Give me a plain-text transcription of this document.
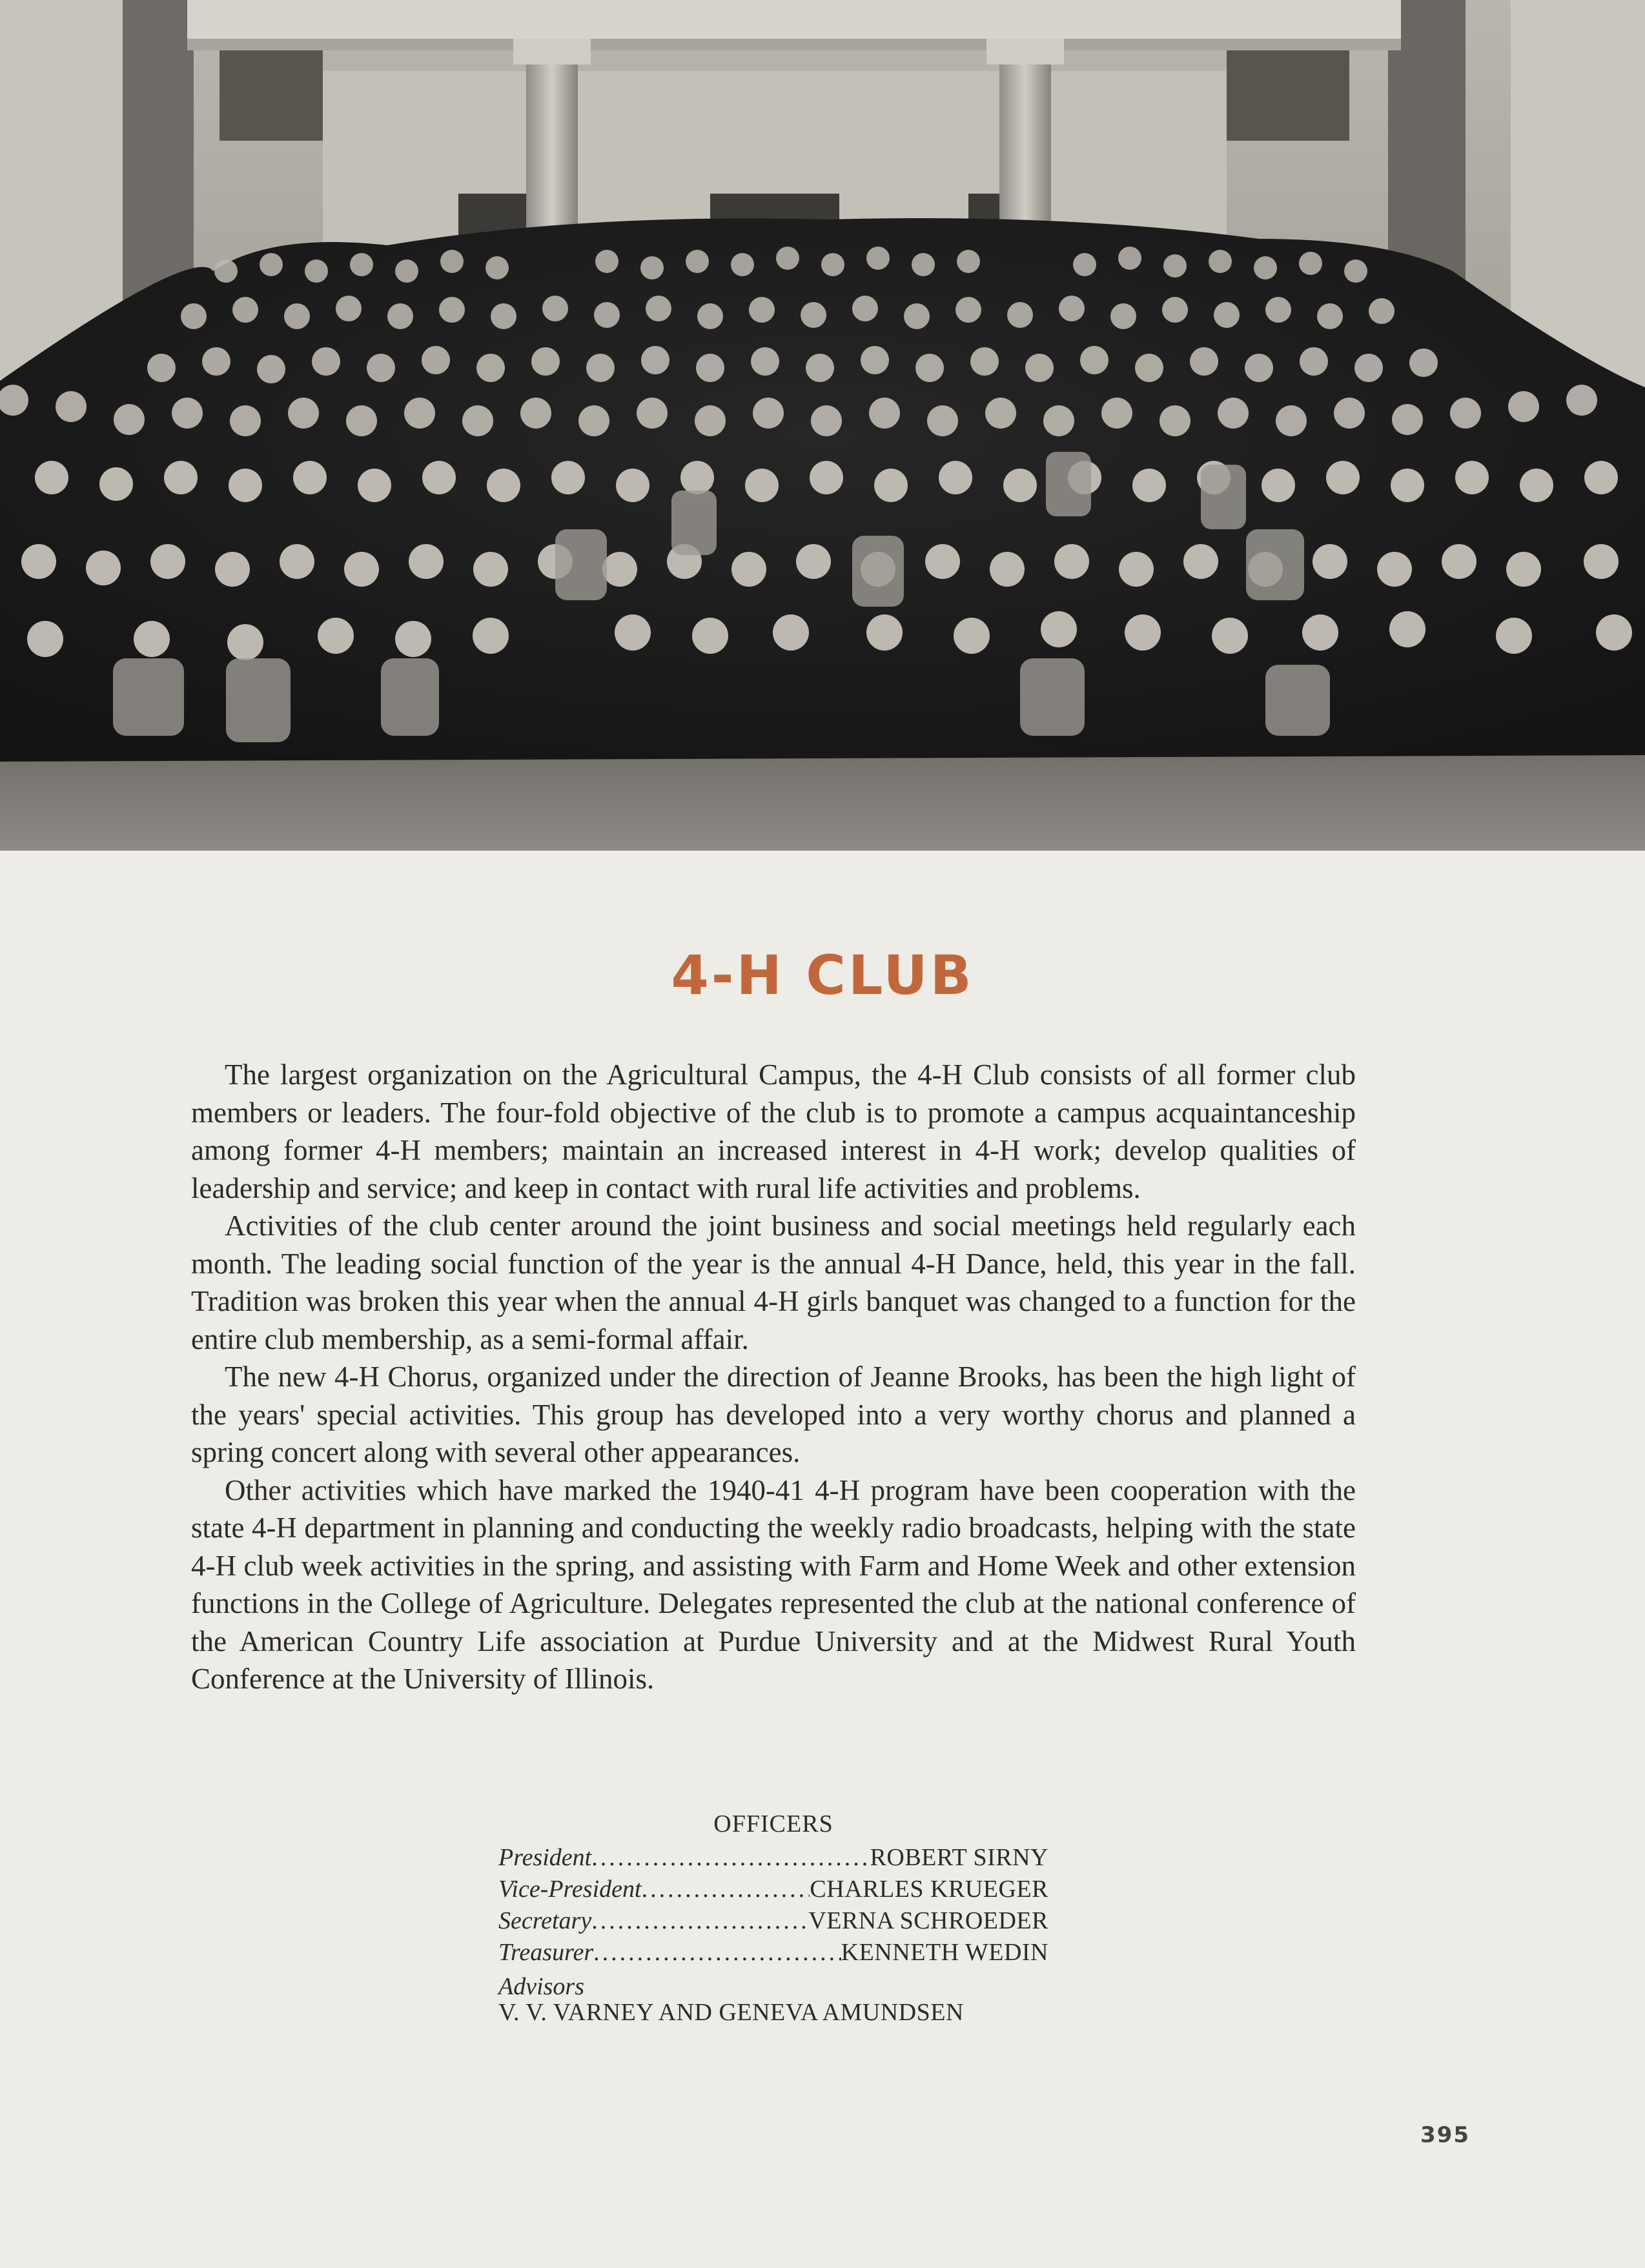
4-H CLUB

The largest organization on the Agricultural Campus, the 4-H Club consists of all former club members or leaders. The four-fold objective of the club is to promote a campus acquaintanceship among former 4-H members; maintain an increased interest in 4-H work; develop qualities of leadership and service; and keep in contact with rural life activities and problems.

Activities of the club center around the joint business and social meetings held regularly each month. The leading social function of the year is the annual 4-H Dance, held, this year in the fall. Tradition was broken this year when the annual 4-H girls banquet was changed to a function for the entire club membership, as a semi-formal affair.

The new 4-H Chorus, organized under the direction of Jeanne Brooks, has been the high light of the years' special activities. This group has developed into a very worthy chorus and planned a spring concert along with several other appearances.

Other activities which have marked the 1940-41 4-H program have been cooperation with the state 4-H department in planning and conducting the weekly radio broadcasts, helping with the state 4-H club week activities in the spring, and assisting with Farm and Home Week and other extension functions in the College of Agriculture. Delegates represented the club at the national conference of the American Country Life association at Purdue University and at the Midwest Rural Youth Conference at the University of Illinois.

OFFICERS
President .....	ROBERT SIRNY
Vice-President .....	CHARLES KRUEGER
Secretary .....	VERNA SCHROEDER
Treasurer .....	KENNETH WEDIN
Advisors
V. V. VARNEY AND GENEVA AMUNDSEN
395
